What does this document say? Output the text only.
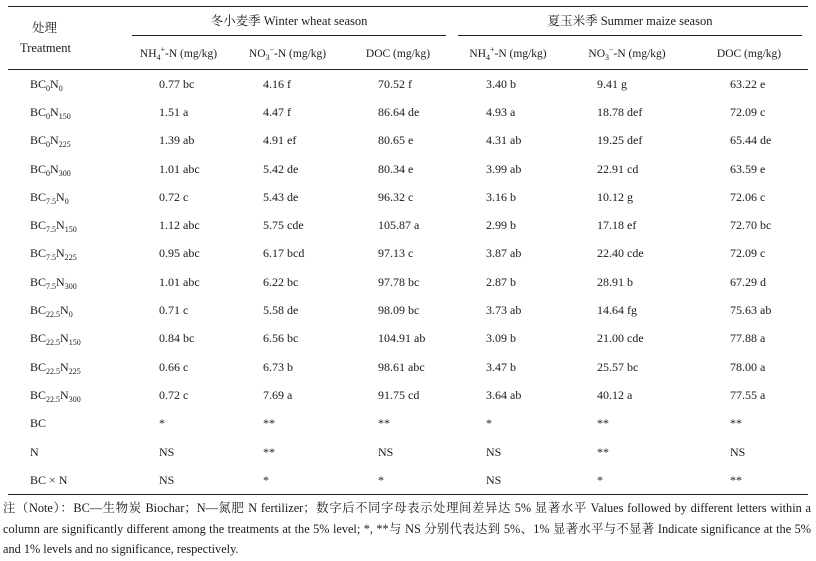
处理
Treatment	冬小麦季 Winter wheat season			夏玉米季 Summer maize season		

	$NH_4^+-N$ (mg/kg)	$NO_3^--N$ (mg/kg)	DOC (mg/kg)	$NH_4^+-N$ (mg/kg)	$NO_3^--N$ (mg/kg)	DOC (mg/kg)
$BC_0N_0$	0.77 bc	4.16 f	70.52 f	3.40 b	9.41 g	63.22 e
$BC_0N_{150}$	1.51 a	4.47 f	86.64 de	4.93 a	18.78 def	72.09 c
$BC_0N_{225}$	1.39 ab	4.91 ef	80.65 e	4.31 ab	19.25 def	65.44 de
$BC_0N_{300}$	1.01 abc	5.42 de	80.34 e	3.99 ab	22.91 cd	63.59 e
$BC_{7.5}N_0$	0.72 c	5.43 de	96.32 c	3.16 b	10.12 g	72.06 c
$BC_{7.5}N_{150}$	1.12 abc	5.75 cde	105.87 a	2.99 b	17.18 ef	72.70 bc
$BC_{7.5}N_{225}$	0.95 abc	6.17 bcd	97.13 c	3.87 ab	22.40 cde	72.09 c
$BC_{7.5}N_{300}$	1.01 abc	6.22 bc	97.78 bc	2.87 b	28.91 b	67.29 d
$BC_{22.5}N_0$	0.71 c	5.58 de	98.09 bc	3.73 ab	14.64 fg	75.63 ab
$BC_{22.5}N_{150}$	0.84 bc	6.56 bc	104.91 ab	3.09 b	21.00 cde	77.88 a
$BC_{22.5}N_{225}$	0.66 c	6.73 b	98.61 abc	3.47 b	25.57 bc	78.00 a
$BC_{22.5}N_{300}$	0.72 c	7.69 a	91.75 cd	3.64 ab	40.12 a	77.55 a
BC	*	**	**	*	**	**
N	NS	**	NS	NS	**	NS
BC × N	NS	*	*	NS	*	**
注（Note）：BC—生物炭 Biochar；N—氮肥 N fertilizer；数字后不同字母表示处理间差异达 5% 显著水平 Values followed by different letters within a column are significantly different among the treatments at the 5% level; *, **与 NS 分别代表达到 5%、1% 显著水平与不显著 Indicate significance at the 5% and 1% levels and no significance, respectively.
